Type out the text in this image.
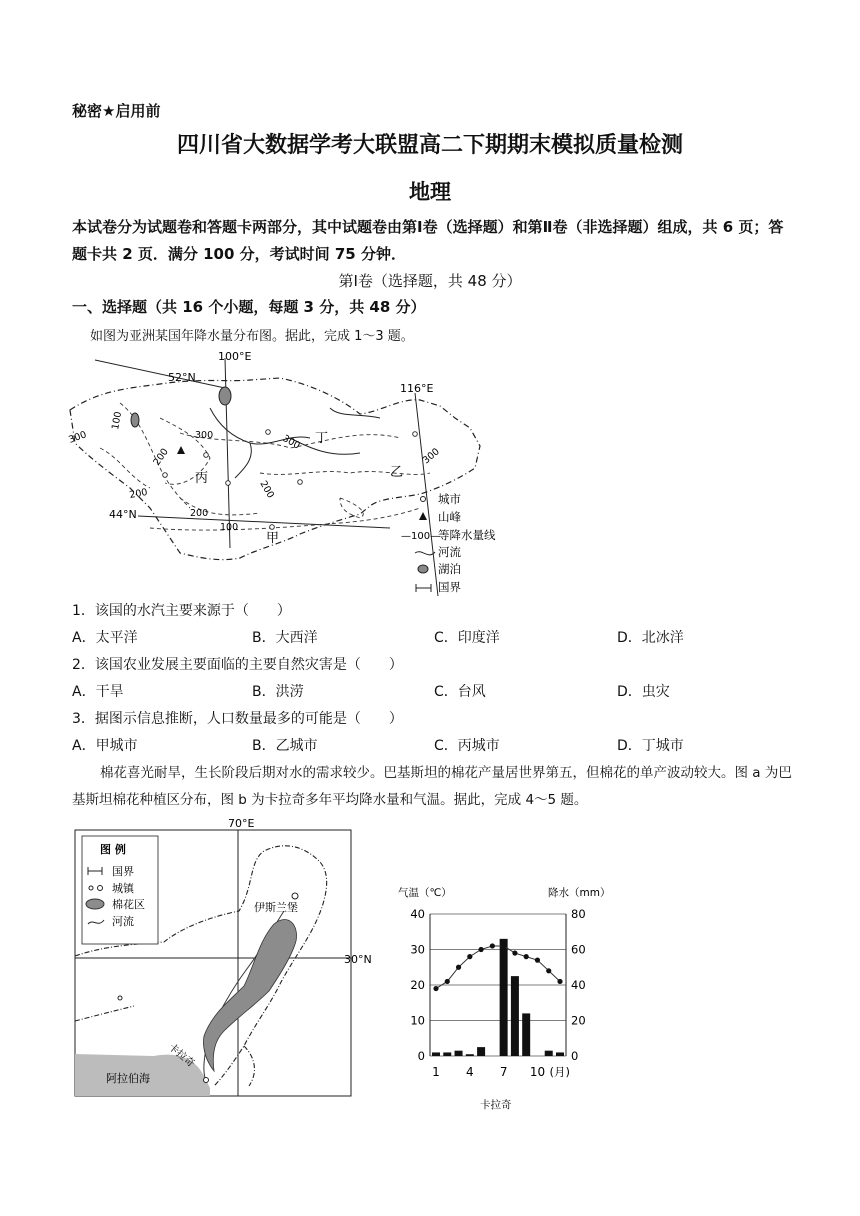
秘密★启用前
四川省大数据学考大联盟高二下期期末模拟质量检测
地理
本试卷分为试题卷和答题卡两部分，其中试题卷由第Ⅰ卷（选择题）和第Ⅱ卷（非选择题）组成，共 6 页；答题卡共 2 页．满分 100 分，考试时间 75 分钟．
第Ⅰ卷（选择题，共 48 分）
一、选择题（共 16 个小题，每题 3 分，共 48 分）
如图为亚洲某国年降水量分布图。据此，完成 1～3 题。
100°E
116°E
52°N
44°N
100
300	300	300
300
200
200	200
200
100
甲
乙
丙
丁
城市
山峰
—100—
等降水量线
河流
湖泊
国界
1．该国的水汽主要来源于（　　）
A．太平洋	B．大西洋	C．印度洋	D．北冰洋
2．该国农业发展主要面临的主要自然灾害是（　　）
A．干旱	B．洪涝	C．台风	D．虫灾
3．据图示信息推断，人口数量最多的可能是（　　）
A．甲城市	B．乙城市	C．丙城市	D．丁城市
棉花喜光耐旱，生长阶段后期对水的需求较少。巴基斯坦的棉花产量居世界第五，但棉花的单产波动较大。图 a 为巴基斯坦棉花种植区分布，图 b 为卡拉奇多年平均降水量和气温。据此，完成 4～5 题。
70°E
30°N
阿拉伯海
伊斯兰堡
卡拉奇
图 例
国界
城镇
棉花区
河流
气温（℃）	降水（mm）
卡拉奇
0
10
20
30
40
0
20
40
60
80
1 4 7 10 (月)
